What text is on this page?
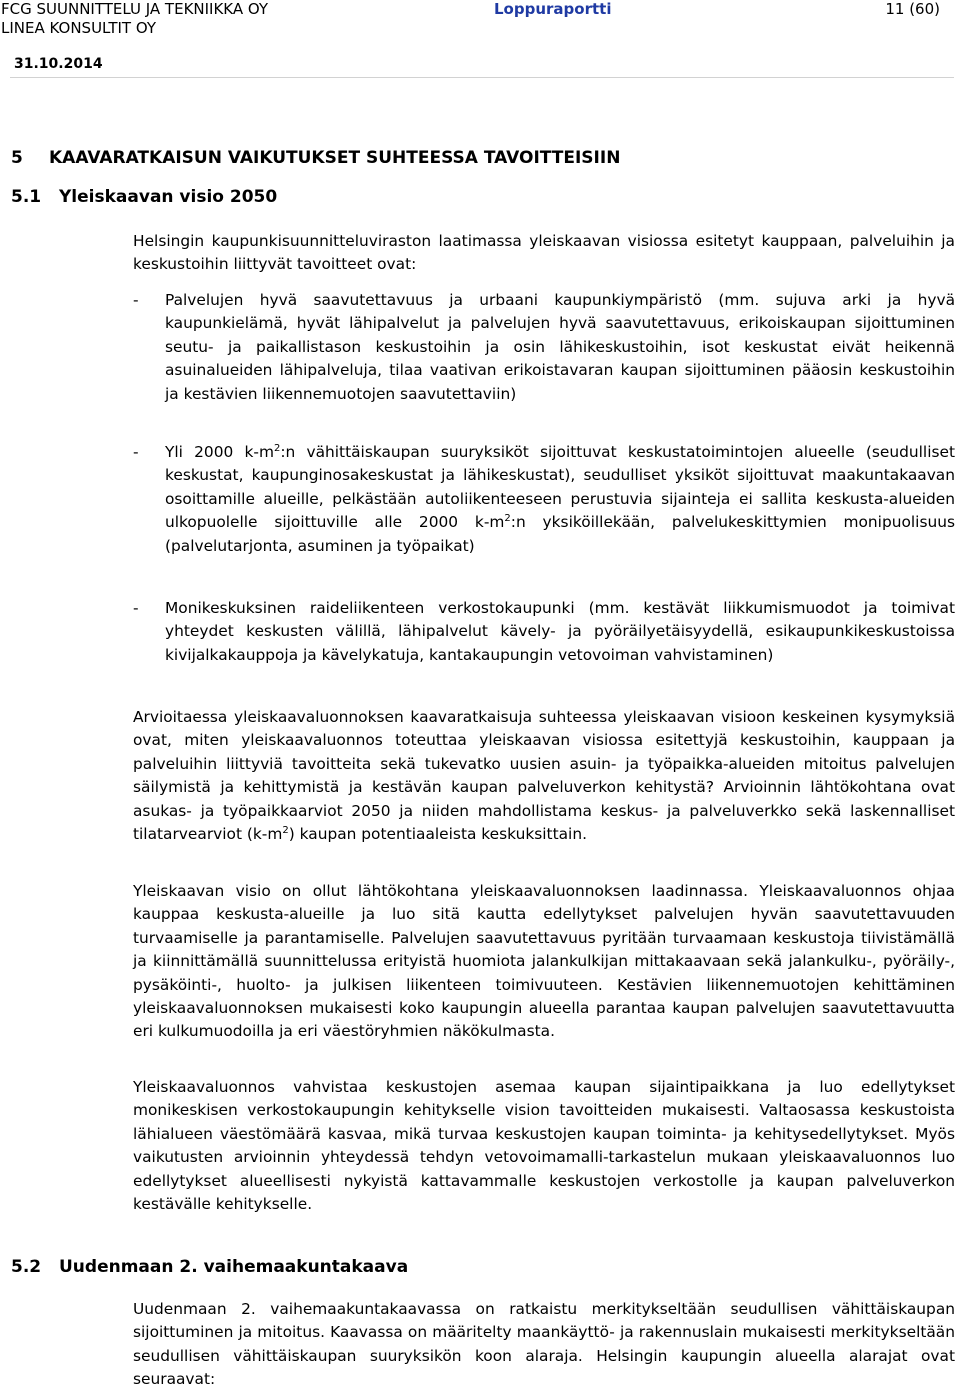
FCG SUUNNITTELU JA TEKNIIKKA OY
LINEA KONSULTIT OY
Loppuraportti	11 (60)
31.10.2014
5 KAAVARATKAISUN VAIKUTUKSET SUHTEESSA TAVOITTEISIIN
5.1 Yleiskaavan visio 2050

Helsingin kaupunkisuunnitteluviraston laatimassa yleiskaavan visiossa esitetyt kauppaan, palveluihin ja keskustoihin liittyvät tavoitteet ovat:

- Palvelujen hyvä saavutettavuus ja urbaani kaupunkiympäristö (mm. sujuva arki ja hyvä kaupunkielämä, hyvät lähipalvelut ja palvelujen hyvä saavutettavuus, erikoiskaupan sijoittuminen seutu- ja paikallistason keskustoihin ja osin lähikeskustoihin, isot keskustat eivät heikennä asuinalueiden lähipalveluja, tilaa vaativan erikoistavaran kaupan sijoittuminen pääosin keskustoihin ja kestävien liikennemuotojen saavutettaviin)
- Yli 2000 $k-m^2:n$ vähittäiskaupan suuryksiköt sijoittuvat keskustatoimintojen alueelle (seudulliset keskustat, kaupunginosakeskustat ja lähikeskustat), seudulliset yksiköt sijoittuvat maakuntakaavan osoittamille alueille, pelkästään autoliikenteeseen perustuvia sijainteja ei sallita keskusta-alueiden ulkopuolelle sijoittuville alle 2000 $k-m^2:n$ yksiköillekään, palvelukeskittymien monipuolisuus (palvelutarjonta, asuminen ja työpaikat)
- Monikeskuksinen raideliikenteen verkostokaupunki (mm. kestävät liikkumismuodot ja toimivat yhteydet keskusten välillä, lähipalvelut kävely- ja pyöräilyetäisyydellä, esikaupunkikeskustoissa kivijalkakauppoja ja kävelykatuja, kantakaupungin vetovoiman vahvistaminen)

Arvioitaessa yleiskaavaluonnoksen kaavaratkaisuja suhteessa yleiskaavan visioon keskeinen kysymyksiä ovat, miten yleiskaavaluonnos toteuttaa yleiskaavan visiossa esitettyjä keskustoihin, kauppaan ja palveluihin liittyviä tavoitteita sekä tukevatko uusien asuin- ja työpaikka-alueiden mitoitus palvelujen säilymistä ja kehittymistä ja kestävän kaupan palveluverkon kehitystä? Arvioinnin lähtökohtana ovat asukas- ja työpaikkaarviot 2050 ja niiden mahdollistama keskus- ja palveluverkko sekä laskennalliset tilatarvearviot $(k-m^2)$ kaupan potentiaaleista keskuksittain.

Yleiskaavan visio on ollut lähtökohtana yleiskaavaluonnoksen laadinnassa. Yleiskaavaluonnos ohjaa kauppaa keskusta-alueille ja luo sitä kautta edellytykset palvelujen hyvän saavutettavuuden turvaamiselle ja parantamiselle. Palvelujen saavutettavuus pyritään turvaamaan keskustoja tiivistämällä ja kiinnittämällä suunnittelussa erityistä huomiota jalankulkijan mittakaavaan sekä jalankulku-, pyöräily-, pysäköinti-, huolto- ja julkisen liikenteen toimivuuteen. Kestävien liikennemuotojen kehittäminen yleiskaavaluonnoksen mukaisesti koko kaupungin alueella parantaa kaupan palvelujen saavutettavuutta eri kulkumuodoilla ja eri väestöryhmien näkökulmasta.

Yleiskaavaluonnos vahvistaa keskustojen asemaa kaupan sijaintipaikkana ja luo edellytykset monikeskisen verkostokaupungin kehitykselle vision tavoitteiden mukaisesti. Valtaosassa keskustoista lähialueen väestömäärä kasvaa, mikä turvaa keskustojen kaupan toiminta- ja kehitysedellytykset. Myös vaikutusten arvioinnin yhteydessä tehdyn vetovoimamalli-tarkastelun mukaan yleiskaavaluonnos luo edellytykset alueellisesti nykyistä kattavammalle keskustojen verkostolle ja kaupan palveluverkon kestävälle kehitykselle.

5.2 Uudenmaan 2. vaihemaakuntakaava

Uudenmaan 2. vaihemaakuntakaavassa on ratkaistu merkitykseltään seudullisen vähittäiskaupan sijoittuminen ja mitoitus. Kaavassa on määritelty maankäyttö- ja rakennuslain mukaisesti merkitykseltään seudullisen vähittäiskaupan suuryksikön koon alaraja. Helsingin kaupungin alueella alarajat ovat seuraavat:
